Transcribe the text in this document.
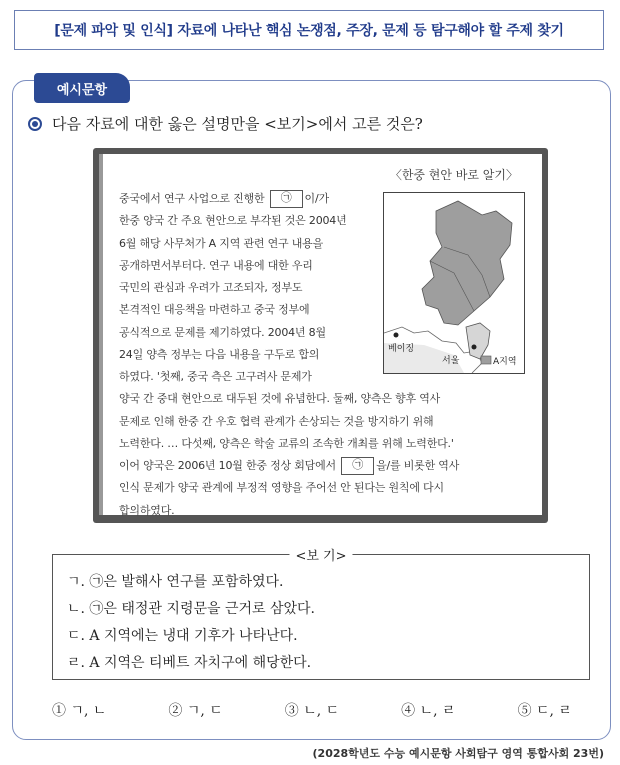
[문제 파악 및 인식] 자료에 나타난 핵심 논쟁점, 주장, 문제 등 탐구해야 할 주제 찾기
예시문항
다음 자료에 대한 옳은 설명만을 <보기>에서 고른 것은?
〈한중 현안 바로 알기〉
중국에서 연구 사업으로 진행한 ㉠ 이/가
한중 양국 간 주요 현안으로 부각된 것은 2004년
6월 해당 사무처가 A 지역 관련 연구 내용을
공개하면서부터다. 연구 내용에 대한 우리
국민의 관심과 우려가 고조되자, 정부도
본격적인 대응책을 마련하고 중국 정부에
공식적으로 문제를 제기하였다. 2004년 8월
24일 양측 정부는 다음 내용을 구두로 합의	베이징
서울	A지역
하였다. '첫째, 중국 측은 고구려사 문제가
양국 간 중대 현안으로 대두된 것에 유념한다. 둘째, 양측은 향후 역사
문제로 인해 한중 간 우호 협력 관계가 손상되는 것을 방지하기 위해
노력한다. … 다섯째, 양측은 학술 교류의 조속한 개최를 위해 노력한다.'
이어 양국은 2006년 10월 한중 정상 회담에서 ㉠ 을/를 비롯한 역사
인식 문제가 양국 관계에 부정적 영향을 주어선 안 된다는 원칙에 다시
합의하였다.
<보 기>
ㄱ. ㉠은 발해사 연구를 포함하였다.
ㄴ. ㉠은 태정관 지령문을 근거로 삼았다.
ㄷ. A 지역에는 냉대 기후가 나타난다.
ㄹ. A 지역은 티베트 자치구에 해당한다.
① ㄱ, ㄴ	② ㄱ, ㄷ	③ ㄴ, ㄷ	④ ㄴ, ㄹ	⑤ ㄷ, ㄹ
(2028학년도 수능 예시문항 사회탐구 영역 통합사회 23번)
